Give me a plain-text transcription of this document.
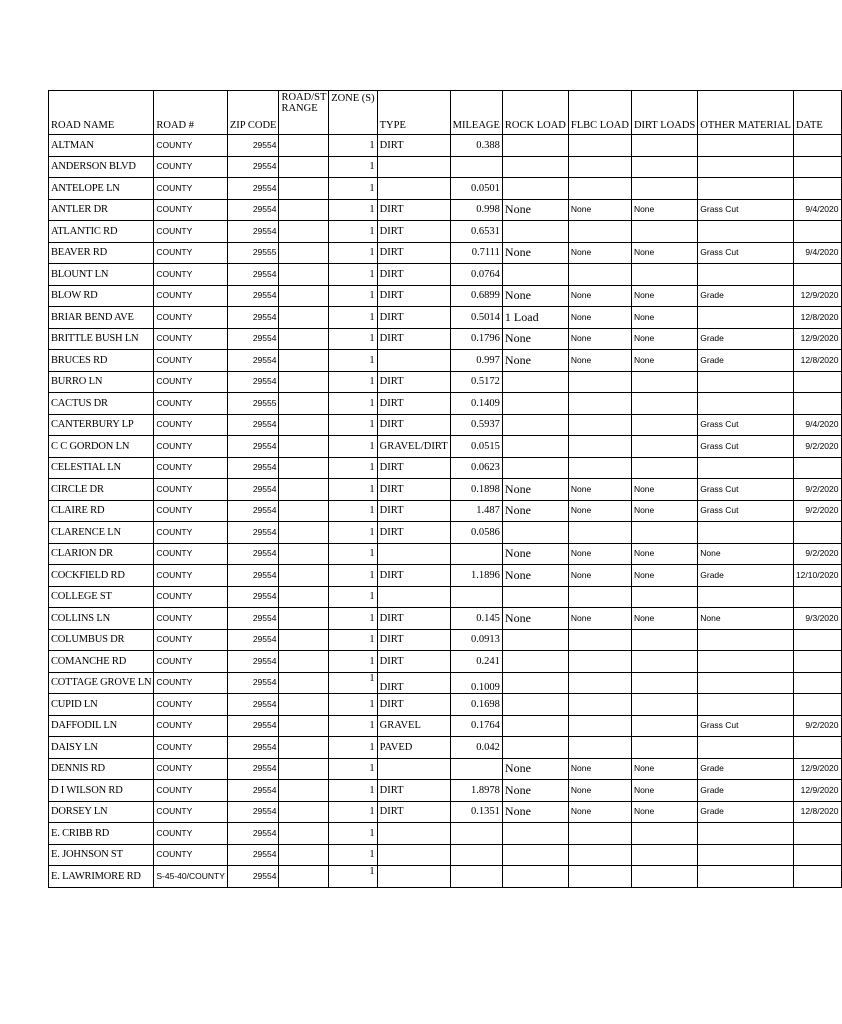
ROAD NAME	ROAD #	ZIP CODE	ROAD/ST RANGE	ZONE (S)	TYPE	MILEAGE	ROCK LOAD	FLBC LOAD	DIRT LOADS	OTHER MATERIAL	DATE
ALTMAN	COUNTY	29554		1	DIRT	0.388					
ANDERSON BLVD	COUNTY	29554		1							
ANTELOPE LN	COUNTY	29554		1		0.0501					
ANTLER DR	COUNTY	29554		1	DIRT	0.998	None	None	None	Grass Cut	9/4/2020
ATLANTIC RD	COUNTY	29554		1	DIRT	0.6531					
BEAVER RD	COUNTY	29555		1	DIRT	0.7111	None	None	None	Grass Cut	9/4/2020
BLOUNT LN	COUNTY	29554		1	DIRT	0.0764					
BLOW RD	COUNTY	29554		1	DIRT	0.6899	None	None	None	Grade	12/9/2020
BRIAR BEND AVE	COUNTY	29554		1	DIRT	0.5014	1 Load	None	None		12/8/2020
BRITTLE BUSH LN	COUNTY	29554		1	DIRT	0.1796	None	None	None	Grade	12/9/2020
BRUCES RD	COUNTY	29554		1		0.997	None	None	None	Grade	12/8/2020
BURRO LN	COUNTY	29554		1	DIRT	0.5172					
CACTUS DR	COUNTY	29555		1	DIRT	0.1409					
CANTERBURY LP	COUNTY	29554		1	DIRT	0.5937				Grass Cut	9/4/2020
C C GORDON LN	COUNTY	29554		1	GRAVEL/DIRT	0.0515				Grass Cut	9/2/2020
CELESTIAL LN	COUNTY	29554		1	DIRT	0.0623					
CIRCLE DR	COUNTY	29554		1	DIRT	0.1898	None	None	None	Grass Cut	9/2/2020
CLAIRE RD	COUNTY	29554		1	DIRT	1.487	None	None	None	Grass Cut	9/2/2020
CLARENCE LN	COUNTY	29554		1	DIRT	0.0586					
CLARION DR	COUNTY	29554		1			None	None	None	None	9/2/2020
COCKFIELD RD	COUNTY	29554		1	DIRT	1.1896	None	None	None	Grade	12/10/2020
COLLEGE ST	COUNTY	29554		1							
COLLINS LN	COUNTY	29554		1	DIRT	0.145	None	None	None	None	9/3/2020
COLUMBUS DR	COUNTY	29554		1	DIRT	0.0913					
COMANCHE RD	COUNTY	29554		1	DIRT	0.241					
COTTAGE GROVE LN	COUNTY	29554		1	DIRT	0.1009					
CUPID LN	COUNTY	29554		1	DIRT	0.1698					
DAFFODIL LN	COUNTY	29554		1	GRAVEL	0.1764				Grass Cut	9/2/2020
DAISY LN	COUNTY	29554		1	PAVED	0.042					
DENNIS RD	COUNTY	29554		1			None	None	None	Grade	12/9/2020
D I WILSON RD	COUNTY	29554		1	DIRT	1.8978	None	None	None	Grade	12/9/2020
DORSEY LN	COUNTY	29554		1	DIRT	0.1351	None	None	None	Grade	12/8/2020
E. CRIBB RD	COUNTY	29554		1							
E. JOHNSON ST	COUNTY	29554		1							
E. LAWRIMORE RD	S-45-40/COUNTY	29554		1							
